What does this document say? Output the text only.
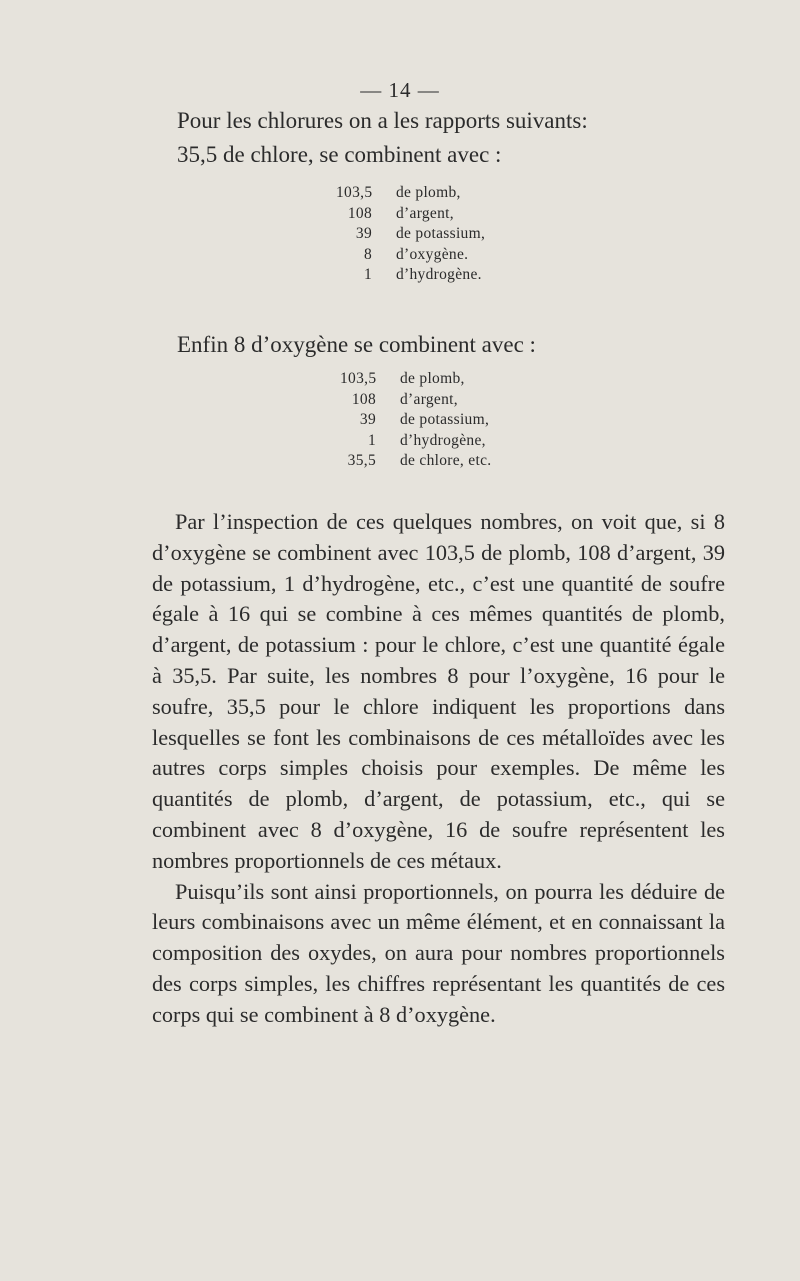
— 14 —
Pour les chlorures on a les rapports suivants:
35,5 de chlore, se combinent avec :
103,5	de plomb,
108	d’argent,
39	de potassium,
8	d’oxygène.
1	d’hydrogène.
Enfin 8 d’oxygène se combinent avec :
103,5	de plomb,
108	d’argent,
39	de potassium,
1	d’hydrogène,
35,5	de chlore, etc.

Par l’inspection de ces quelques nombres, on voit que, si 8 d’oxygène se combinent avec 103,5 de plomb, 108 d’argent, 39 de potassium, 1 d’hydrogène, etc., c’est une quantité de soufre égale à 16 qui se combine à ces mêmes quantités de plomb, d’argent, de potassium : pour le chlore, c’est une quantité égale à 35,5. Par suite, les nombres 8 pour l’oxygène, 16 pour le soufre, 35,5 pour le chlore indiquent les proportions dans lesquelles se font les combinaisons de ces métalloïdes avec les autres corps simples choisis pour exemples. De même les quantités de plomb, d’argent, de potassium, etc., qui se combinent avec 8 d’oxygène, 16 de soufre représentent les nombres proportionnels de ces métaux.

Puisqu’ils sont ainsi proportionnels, on pourra les déduire de leurs combinaisons avec un même élément, et en connaissant la composition des oxydes, on aura pour nombres proportionnels des corps simples, les chiffres représentant les quantités de ces corps qui se combinent à 8 d’oxygène.
